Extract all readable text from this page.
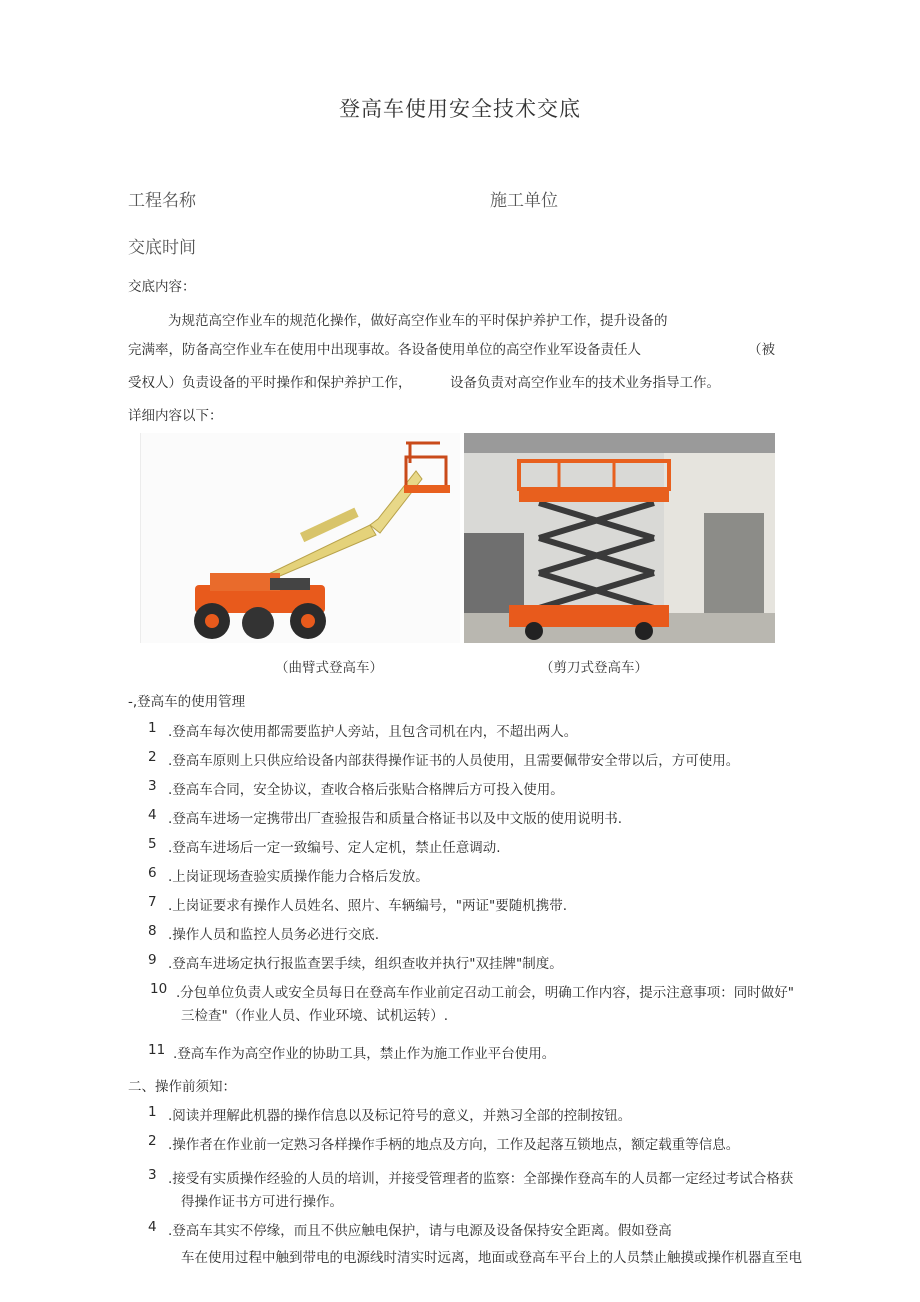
登高车使用安全技术交底
工程名称	施工单位
交底时间
交底内容：
为规范高空作业车的规范化操作，做好高空作业车的平时保护养护工作，提升设备的
完满率，防备高空作业车在使用中出现事故。各设备使用单位的高空作业军设备责任人	（被
受权人）负责设备的平时操作和保护养护工作，	设备负责对高空作业车的技术业务指导工作。
详细内容以下：
（曲臂式登高车）	（剪刀式登高车）
-,登高车的使用管理
1 .登高车每次使用都需要监护人旁站，且包含司机在内，不超出两人。
2 .登高车原则上只供应给设备内部获得操作证书的人员使用，且需要佩带安全带以后，方可使用。
3 .登高车合同，安全协议，查收合格后张贴合格牌后方可投入使用。
4 .登高车进场一定携带出厂查验报告和质量合格证书以及中文版的使用说明书.
5 .登高车进场后一定一致编号、定人定机，禁止任意调动.
6 .上岗证现场查验实质操作能力合格后发放。
7 .上岗证要求有操作人员姓名、照片、车辆编号，"两证"要随机携带.
8 .操作人员和监控人员务必进行交底.
9 .登高车进场定执行报监查罢手续，组织查收并执行"双挂牌"制度。
10 .分包单位负责人或安全员每日在登高车作业前定召动工前会，明确工作内容，提示注意事项：同时做好"
三检查"（作业人员、作业环境、试机运转）.
11 .登高车作为高空作业的协助工具，禁止作为施工作业平台使用。
二、操作前须知：
1 .阅读并理解此机器的操作信息以及标记符号的意义，并熟习全部的控制按钮。
2 .操作者在作业前一定熟习各样操作手柄的地点及方向，工作及起落互锁地点，额定载重等信息。
3 .接受有实质操作经验的人员的培训，并接受管理者的监察：全部操作登高车的人员都一定经过考试合格获
得操作证书方可进行操作。
4 .登高车其实不停缘，而且不供应触电保护，请与电源及设备保持安全距离。假如登高
车在使用过程中触到带电的电源线时清实时远离，地面或登高车平台上的人员禁止触摸或操作机器直至电
